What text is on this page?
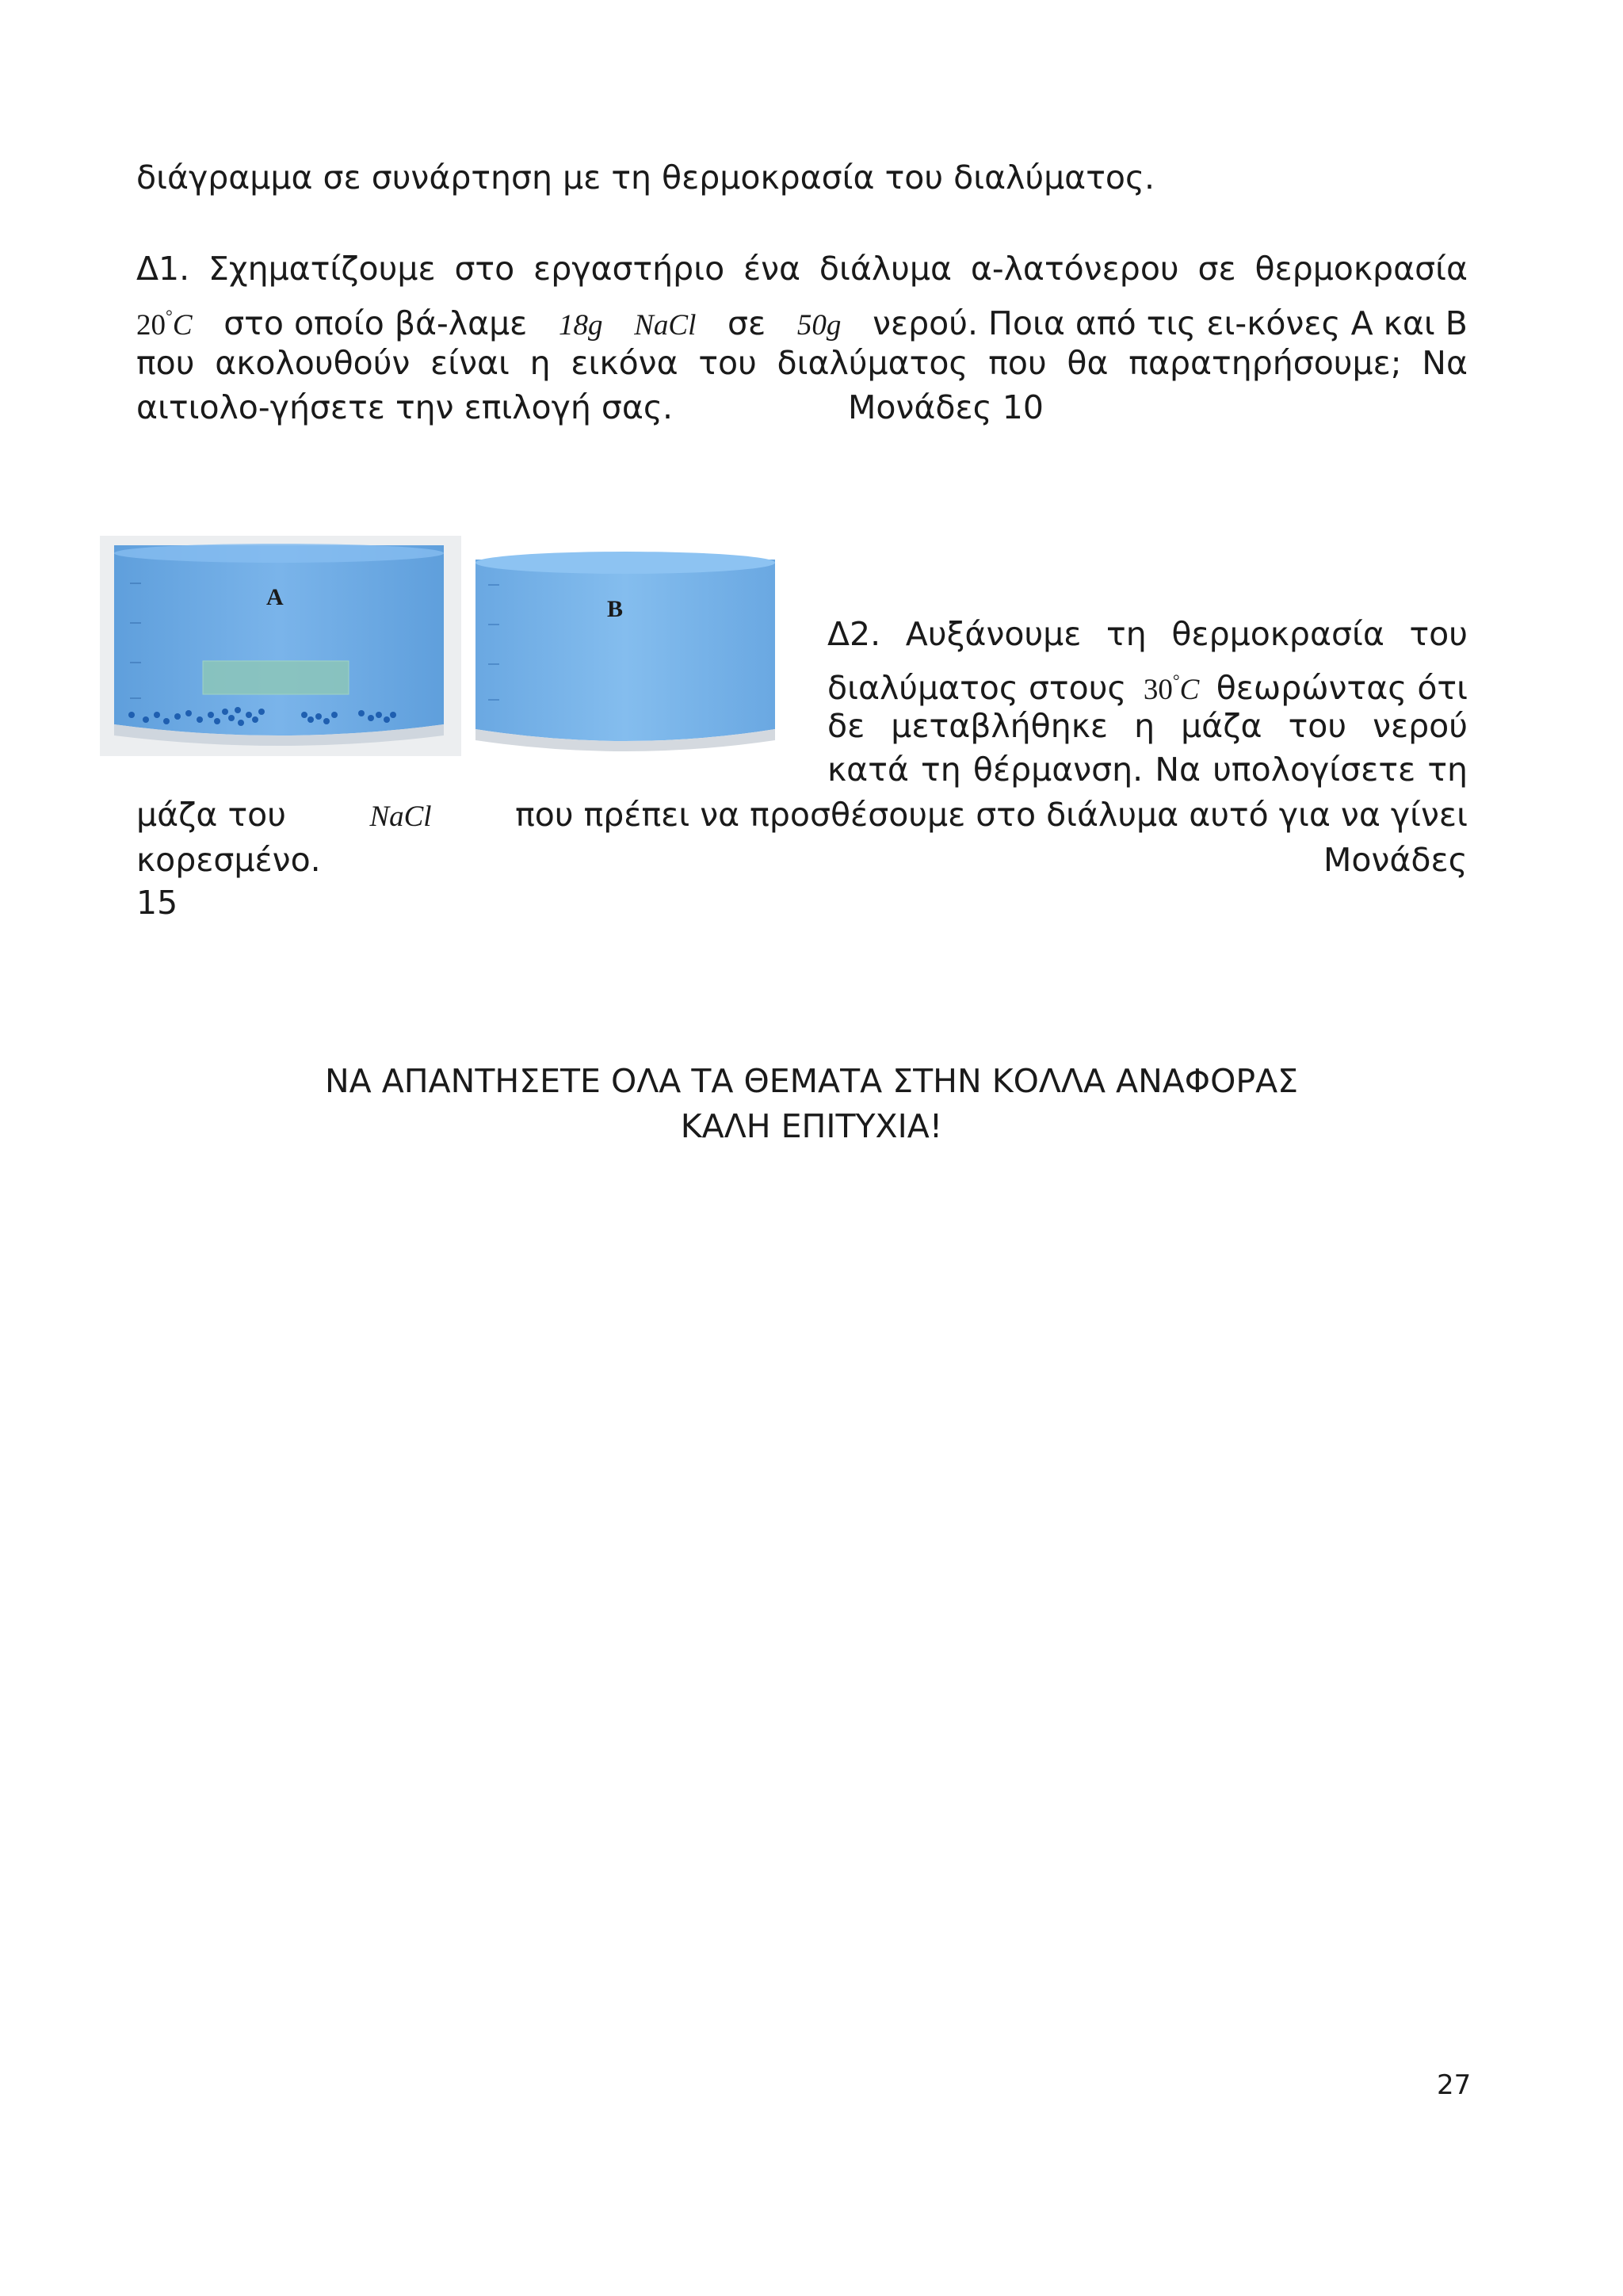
διάγραμμα σε συνάρτηση με τη θερμοκρασία του διαλύματος.
Δ1. Σχηματίζουμε στο εργαστήριο ένα διάλυμα α-λατόνερου σε θερμοκρασία
20°C στο οποίο βά-λαμε 18g NaCl σε 50g νερού. Ποια από τις ει-κόνες A και B
που ακολουθούν είναι η εικόνα του διαλύματος που θα παρατηρήσουμε; Να
αιτιολο-γήσετε την επιλογή σας.	Μονάδες 10
A	B
Δ2. Αυξάνουμε τη θερμοκρασία του
διαλύματος στους 30°C θεωρώντας ότι
δε μεταβλήθηκε η μάζα του νερού
κατά τη θέρμανση. Να υπολογίσετε τη
μάζα του	NaCl	που πρέπει να προσθέσουμε στο διάλυμα αυτό για να γίνει
κορεσμένο.	Μονάδες
15
ΝΑ ΑΠΑΝΤΗΣΕΤΕ ΟΛΑ ΤΑ ΘΕΜΑΤΑ ΣΤΗΝ ΚΟΛΛΑ ΑΝΑΦΟΡΑΣ
ΚΑΛΗ ΕΠΙΤΥΧΙΑ!
27
